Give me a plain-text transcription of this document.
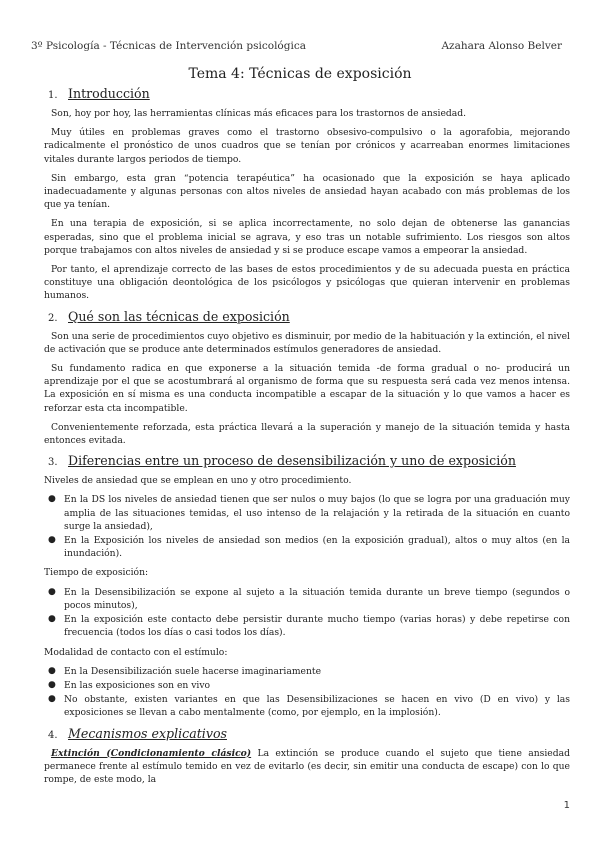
3º Psicología - Técnicas de Intervención psicológica	Azahara Alonso Belver
Tema 4: Técnicas de exposición
1. Introducción

Son, hoy por hoy, las herramientas clínicas más eficaces para los trastornos de ansiedad.

Muy útiles en problemas graves como el trastorno obsesivo-compulsivo o la agorafobia, mejorando radicalmente el pronóstico de unos cuadros que se tenían por crónicos y acarreaban enormes limitaciones vitales durante largos periodos de tiempo.

Sin embargo, esta gran “potencia terapéutica” ha ocasionado que la exposición se haya aplicado inadecuadamente y algunas personas con altos niveles de ansiedad hayan acabado con más problemas de los que ya tenían.

En una terapia de exposición, si se aplica incorrectamente, no solo dejan de obtenerse las ganancias esperadas, sino que el problema inicial se agrava, y eso tras un notable sufrimiento. Los riesgos son altos porque trabajamos con altos niveles de ansiedad y si se produce escape vamos a empeorar la ansiedad.

Por tanto, el aprendizaje correcto de las bases de estos procedimientos y de su adecuada puesta en práctica constituye una obligación deontológica de los psicólogos y psicólogas que quieran intervenir en problemas humanos.

2. Qué son las técnicas de exposición

Son una serie de procedimientos cuyo objetivo es disminuir, por medio de la habituación y la extinción, el nivel de activación que se produce ante determinados estímulos generadores de ansiedad.

Su fundamento radica en que exponerse a la situación temida -de forma gradual o no- producirá un aprendizaje por el que se acostumbrará al organismo de forma que su respuesta será cada vez menos intensa. La exposición en sí misma es una conducta incompatible a escapar de la situación y lo que vamos a hacer es reforzar esta cta incompatible.

Convenientemente reforzada, esta práctica llevará a la superación y manejo de la situación temida y hasta entonces evitada.

3. Diferencias entre un proceso de desensibilización y uno de exposición
Niveles de ansiedad que se emplean en uno y otro procedimiento.
● En la DS los niveles de ansiedad tienen que ser nulos o muy bajos (lo que se logra por una graduación muy amplia de las situaciones temidas, el uso intenso de la relajación y la retirada de la situación en cuanto surge la ansiedad),
● En la Exposición los niveles de ansiedad son medios (en la exposición gradual), altos o muy altos (en la inundación).
Tiempo de exposición:
● En la Desensibilización se expone al sujeto a la situación temida durante un breve tiempo (segundos o pocos minutos),
● En la exposición este contacto debe persistir durante mucho tiempo (varias horas) y debe repetirse con frecuencia (todos los días o casi todos los días).
Modalidad de contacto con el estímulo:
● En la Desensibilización suele hacerse imaginariamente
● En las exposiciones son en vivo
● No obstante, existen variantes en que las Desensibilizaciones se hacen en vivo (D en vivo) y las exposiciones se llevan a cabo mentalmente (como, por ejemplo, en la implosión).
4. Mecanismos explicativos

Extinción (Condicionamiento clásico) La extinción se produce cuando el sujeto que tiene ansiedad permanece frente al estímulo temido en vez de evitarlo (es decir, sin emitir una conducta de escape) con lo que rompe, de este modo, la

1
